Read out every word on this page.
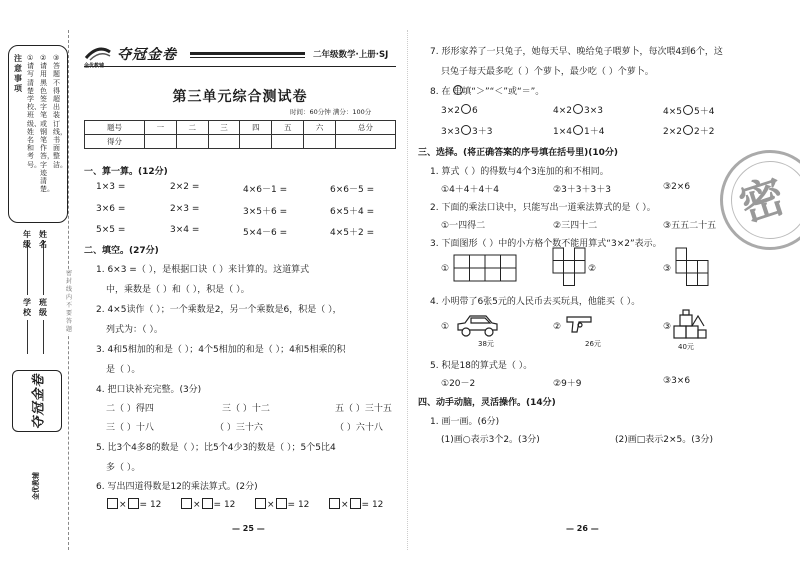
注意事项
①请写清楚学校、班级、姓名和考号。
②请用黑色签字笔或钢笔作答，字迹清楚。
③答题不得超出装订线，书面整洁。
学校
班级
年级
姓名
密封线内不要答题
夺冠金卷
金优教辅
夺冠金卷	二年级数学·上册·SJ
第三单元综合测试卷
时间：60分钟 满分：100分
题号	一	二	三	四	五	六	总分
得分							
一、算一算。(12分)
1×3 =	2×2 =	4×6－1 =	6×6－5 =
3×6 =	2×3 =	3×5＋6 =	6×5＋4 =
5×5 =	3×4 =	5×4－6 =	4×5＋2 =
二、填空。(27分)
1. 6×3 =（ ），是根据口诀（ ）来计算的。这道算式
中，乘数是（ ）和（ ），积是（ ）。
2. 4×5读作（ ）；一个乘数是2，另一个乘数是6，积是（ ），
列式为：（ ）。
3. 4和5相加的和是（ ）；4个5相加的和是（ ）；4和5相乘的积
是（ ）。
4. 把口诀补充完整。(3分)
二（ ）得四	三（ ）十二	五（ ）三十五
三（ ）十八	（ ）三十六	（ ）六十八
5. 比3个4多8的数是（ ）；比5个4少3的数是（ ）；5个5比4
多（ ）。
6. 写出四道得数是12的乘法算式。(2分)
× = 12	× = 12	× = 12	× = 12
— 25 —
7. 形形家养了一只兔子，她每天早、晚给兔子喂萝卜，每次喂4到6个，这
只兔子每天最多吃（ ）个萝卜，最少吃（ ）个萝卜。
8. 在 里填“＞”“＜”或“＝”。
3×2 6	4×2 3×3	4×5 5＋4
3×3 3＋3	1×4 1＋4	2×2 2＋2
三、选择。(将正确答案的序号填在括号里)(10分)
1. 算式（ ）的得数与4个3连加的和不相同。
①4＋4＋4＋4	②3＋3＋3＋3	③2×6
2. 下面的乘法口诀中，只能写出一道乘法算式的是（ ）。
①一四得二	②三四十二	③五五二十五
3. 下面图形（ ）中的小方格个数不能用算式“3×2”表示。
①	②	③
4. 小明带了6张5元的人民币去买玩具，他能买（ ）。
①	②	③
38元	26元	40元
5. 积是18的算式是（ ）。
①20－2	②9＋9	③3×6
四、动手动脑，灵活操作。(14分)
1. 画一画。(6分)
(1)画○表示3个2。(3分)	(2)画□表示2×5。(3分)
— 26 —
密
